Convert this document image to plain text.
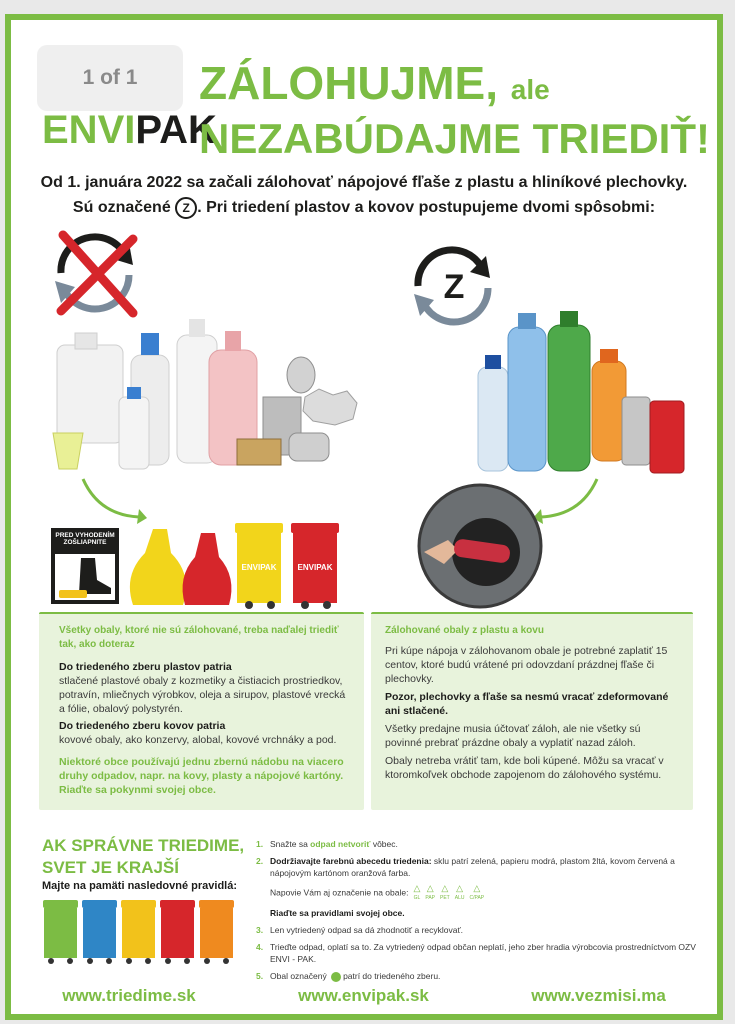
1 of 1
ENVIPAK
ZÁLOHUJME, ale
NEZABÚDAJME TRIEDIŤ!
Od 1. januára 2022 sa začali zálohovať nápojové fľaše z plastu a hliníkové plechovky.
Sú označené Z . Pri triedení plastov a kovov postupujeme dvomi spôsobmi:
PRED VYHODENÍM
ZOŠLIAPNITE
ENVIPAK	ENVIPAK
Z
Všetky obaly, ktoré nie sú zálohované, treba naďalej triediť tak, ako doteraz
Do triedeného zberu plastov patria
stlačené plastové obaly z kozmetiky a čistiacich prostriedkov, potravín, mliečnych výrobkov, oleja a sirupov, plastové vrecká a fólie, obalový polystyrén.
Do triedeného zberu kovov patria
kovové obaly, ako konzervy, alobal, kovové vrchnáky a pod.
Niektoré obce používajú jednu zbernú nádobu na viacero druhy odpadov, napr. na kovy, plasty a nápojové kartóny. Riaďte sa pokynmi svojej obce.
Zálohované obaly z plastu a kovu
Pri kúpe nápoja v zálohovanom obale je potrebné zaplatiť 15 centov, ktoré budú vrátené pri odovzdaní prázdnej fľaše či plechovky.
Pozor, plechovky a fľaše sa nesmú vracať zdeformované ani stlačené.
Všetky predajne musia účtovať záloh, ale nie všetky sú povinné prebrať prázdne obaly a vyplatiť nazad záloh.
Obaly netreba vrátiť tam, kde boli kúpené. Môžu sa vracať v ktoromkoľvek obchode zapojenom do zálohového systému.
AK SPRÁVNE TRIEDIME,
SVET JE KRAJŠÍ
Majte na pamäti nasledovné pravidlá:
1. Snažte sa odpad netvoriť vôbec.
2. Dodržiavajte farebnú abecedu triedenia: sklu patrí zelená, papieru modrá, plastom žltá, kovom červená a nápojovým kartónom oranžová farba.
Napovie Vám aj označenie na obale: △
GL△
PAP△
PET△
ALU△
C/PAP
Riaďte sa pravidlami svojej obce.
3. Len vytriedený odpad sa dá zhodnotiť a recyklovať.
4. Trieďte odpad, oplatí sa to. Za vytriedený odpad občan neplatí, jeho zber hradia výrobcovia prostredníctvom OZV ENVI - PAK.
5. Obal označený patrí do triedeného zberu.
www.triedime.sk	www.envipak.sk	www.vezmisi.ma
